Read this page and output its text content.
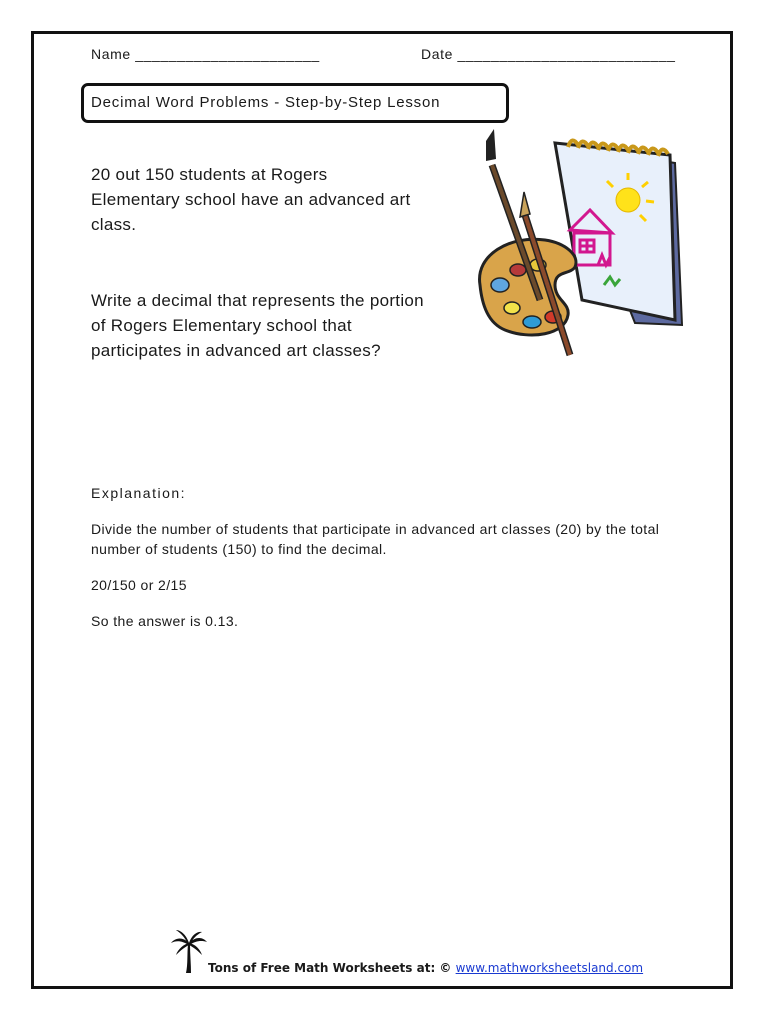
Name ______________________	Date __________________________
Decimal Word Problems - Step-by-Step Lesson
20 out 150 students at Rogers Elementary school have an advanced art class.
Write a decimal that represents the portion of Rogers Elementary school that participates in advanced art classes?
Explanation:
Divide the number of students that participate in advanced art classes (20) by the total number of students (150) to find the decimal.
20/150 or 2/15
So the answer is 0.13.
Tons of Free Math Worksheets at: © www.mathworksheetsland.com
